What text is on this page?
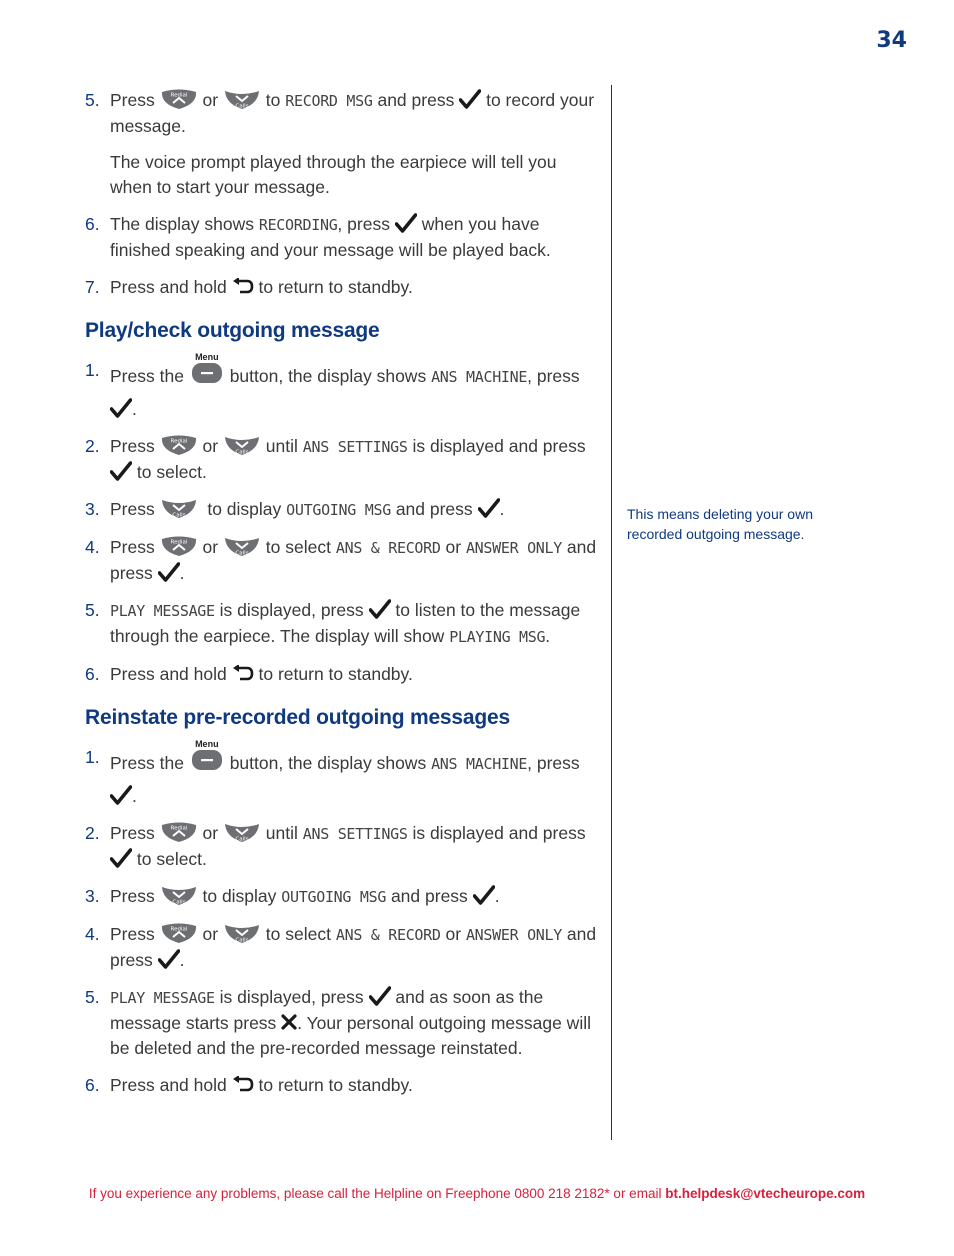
34
5. Press	Redial or	Calls to RECORD MSG and press to record your message.

The voice prompt played through the earpiece will tell you when to start your message.

6. The display shows RECORDING, press when you have finished speaking and your message will be played back.

7. Press and hold to return to standby.

Play/check outgoing message
1. Press the
Menu
button, the display shows ANS MACHINE, press
.

2. Press	Redial or	Calls until ANS SETTINGS is displayed and press
to select.

3. Press	Calls to display OUTGOING MSG and press .

4. Press	Redial or	Calls to select ANS & RECORD or ANSWER ONLY and press .

5. PLAY MESSAGE is displayed, press to listen to the message through the earpiece. The display will show PLAYING MSG.

6. Press and hold to return to standby.

Reinstate pre-recorded outgoing messages
1. Press the
Menu
button, the display shows ANS MACHINE, press
.

2. Press	Redial or	Calls until ANS SETTINGS is displayed and press
to select.

3. Press	Calls to display OUTGOING MSG and press .

4. Press	Redial or	Calls to select ANS & RECORD or ANSWER ONLY and press .

5. PLAY MESSAGE is displayed, press and as soon as the message starts press . Your personal outgoing message will be deleted and the pre-recorded message reinstated.

6. Press and hold to return to standby.

This means deleting your own recorded outgoing message.
If you experience any problems, please call the Helpline on Freephone 0800 218 2182* or email bt.helpdesk@vtecheurope.com
